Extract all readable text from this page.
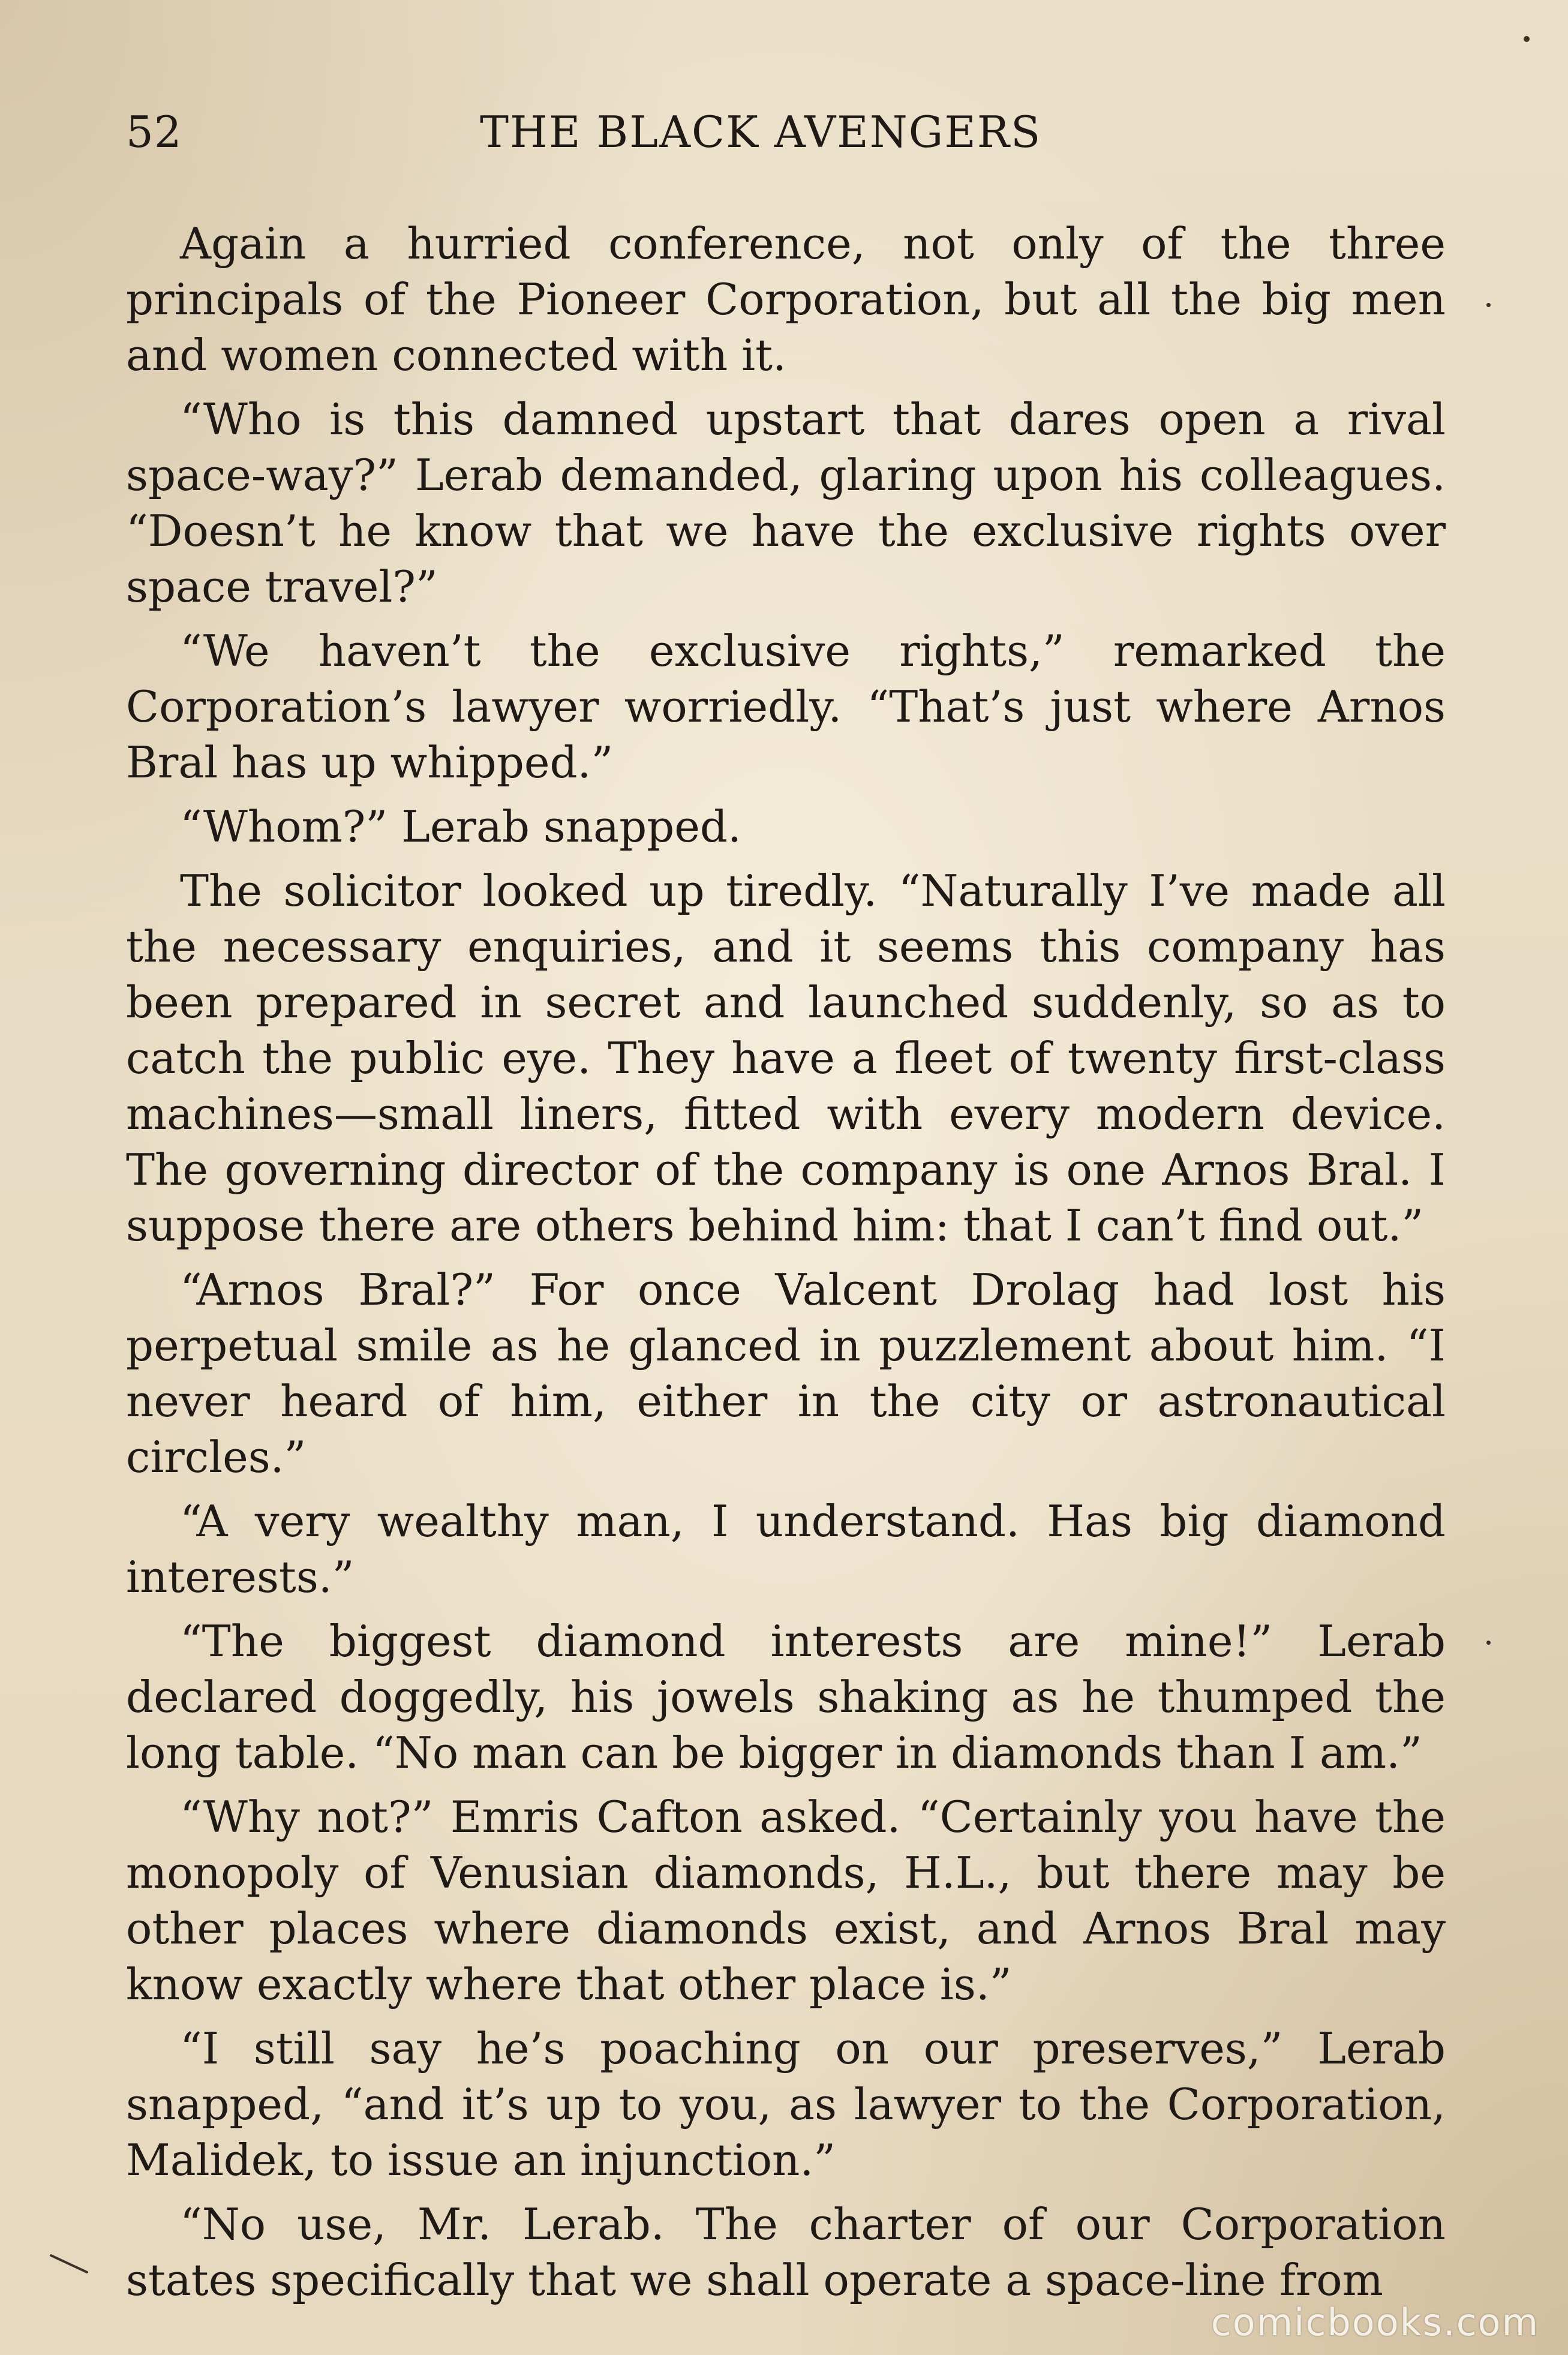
52	THE BLACK AVENGERS

Again a hurried conference, not only of the three principals of the Pioneer Corporation, but all the big men and women connected with it.

“Who is this damned upstart that dares open a rival space-way?” Lerab demanded, glaring upon his colleagues. “Doesn’t he know that we have the exclusive rights over space travel?”

“We haven’t the exclusive rights,” remarked the Corporation’s lawyer worriedly. “That’s just where Arnos Bral has up whipped.”

“Whom?” Lerab snapped.

The solicitor looked up tiredly. “Naturally I’ve made all the necessary enquiries, and it seems this company has been prepared in secret and launched suddenly, so as to catch the public eye. They have a fleet of twenty first-class machines—small liners, fitted with every modern device. The governing director of the company is one Arnos Bral. I suppose there are others behind him: that I can’t find out.”

“Arnos Bral?” For once Valcent Drolag had lost his perpetual smile as he glanced in puzzlement about him. “I never heard of him, either in the city or astronautical circles.”

“A very wealthy man, I understand. Has big diamond interests.”

“The biggest diamond interests are mine!” Lerab declared doggedly, his jowels shaking as he thumped the long table. “No man can be bigger in diamonds than I am.”

“Why not?” Emris Cafton asked. “Certainly you have the monopoly of Venusian diamonds, H.L., but there may be other places where diamonds exist, and Arnos Bral may know exactly where that other place is.”

“I still say he’s poaching on our preserves,” Lerab snapped, “and it’s up to you, as lawyer to the Corporation, Malidek, to issue an injunction.”

“No use, Mr. Lerab. The charter of our Corporation states specifically that we shall operate a space-line from

comicbooks.com
